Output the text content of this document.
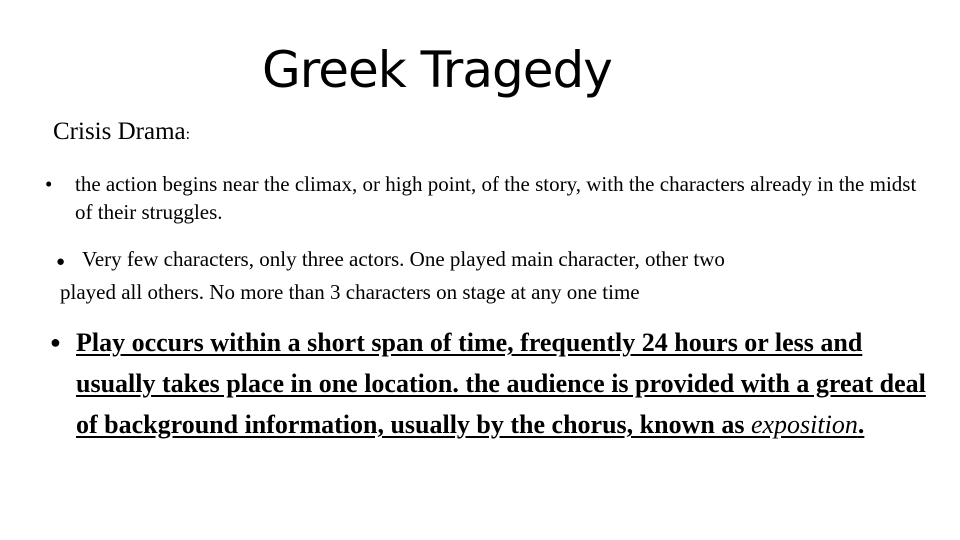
Greek Tragedy
Crisis Drama:
•	the action begins near the climax, or high point, of the story, with the characters already in the midst of their struggles.
● Very few characters, only three actors. One played main character, other two
played all others. No more than 3 characters on stage at any one time
● Play occurs within a short span of time, frequently 24 hours or less and usually takes place in one location. the audience is provided with a great deal of background information, usually by the chorus, known as exposition.
